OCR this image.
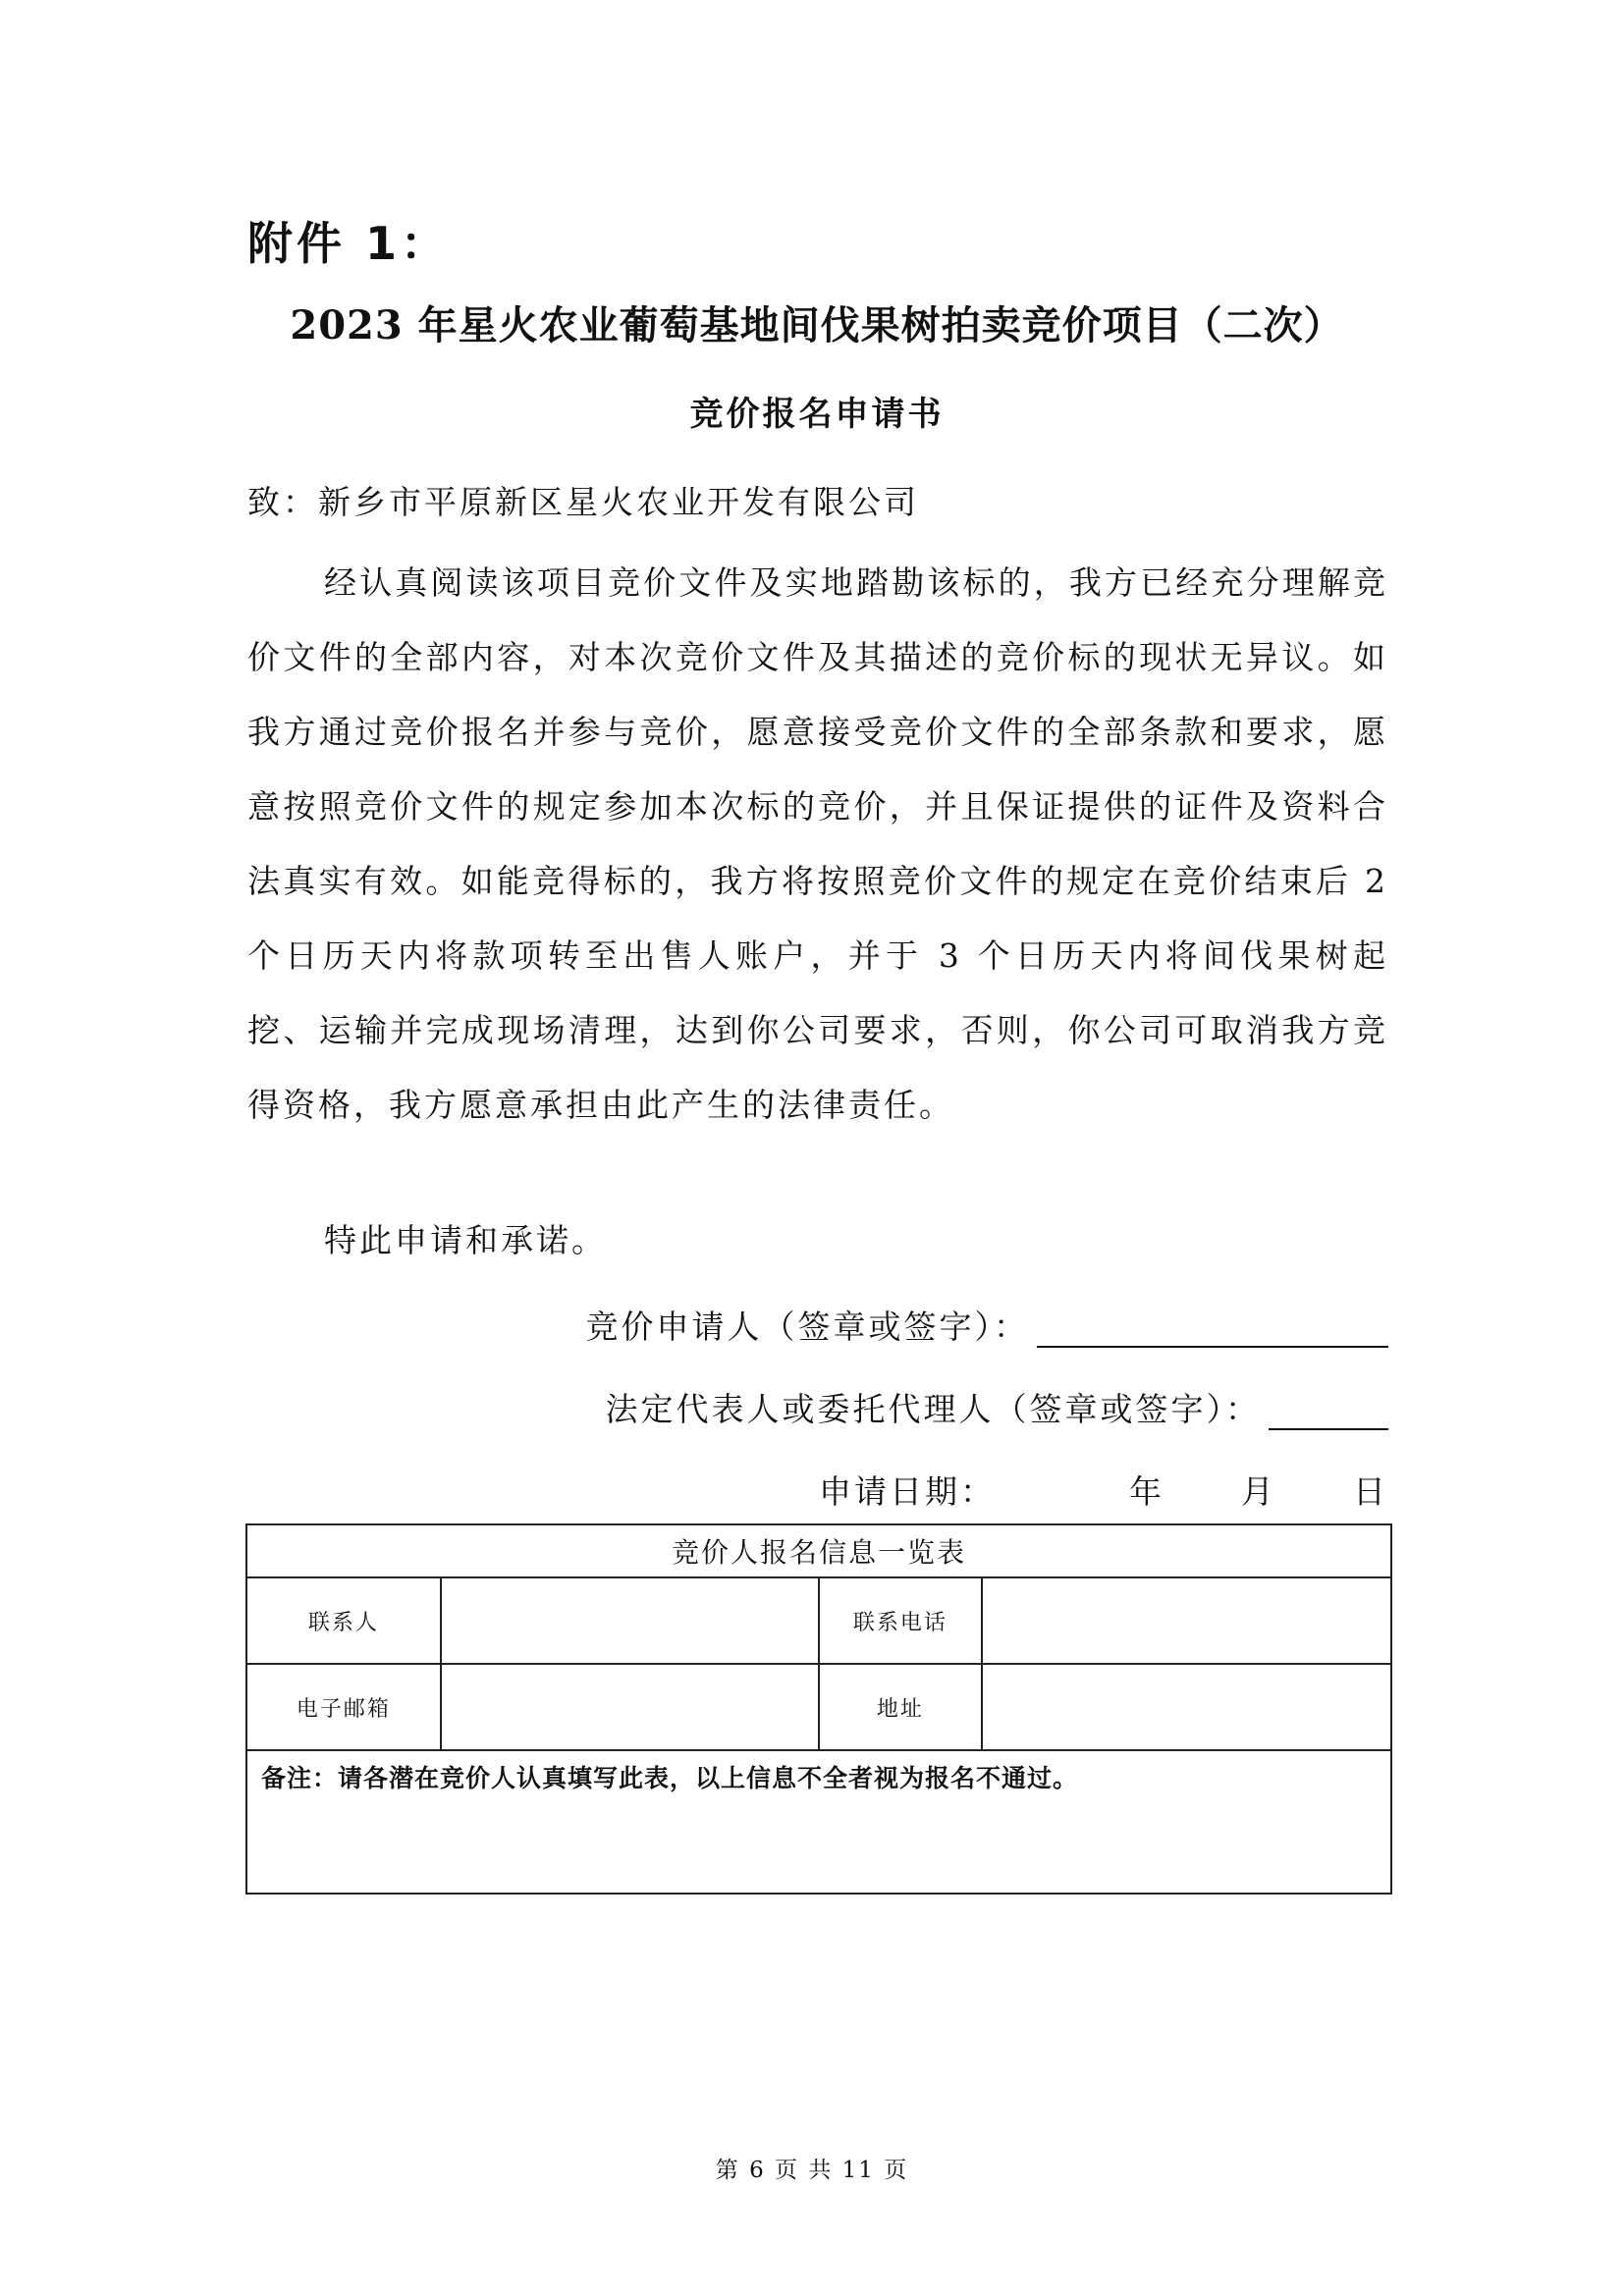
附件 1：
2023 年星火农业葡萄基地间伐果树拍卖竞价项目（二次）
竞价报名申请书
致：新乡市平原新区星火农业开发有限公司

经认真阅读该项目竞价文件及实地踏勘该标的，我方已经充分理解竞价文件的全部内容，对本次竞价文件及其描述的竞价标的现状无异议。如我方通过竞价报名并参与竞价，愿意接受竞价文件的全部条款和要求，愿意按照竞价文件的规定参加本次标的竞价，并且保证提供的证件及资料合法真实有效。如能竞得标的，我方将按照竞价文件的规定在竞价结束后 2 个日历天内将款项转至出售人账户，并于 3 个日历天内将间伐果树起挖、运输并完成现场清理，达到你公司要求，否则，你公司可取消我方竞得资格，我方愿意承担由此产生的法律责任。

特此申请和承诺。
竞价申请人（签章或签字）：
法定代表人或委托代理人（签章或签字）：
申请日期：	年 月 日
竞价人报名信息一览表			
联系人		联系电话	
电子邮箱		地址	
备注：请各潜在竞价人认真填写此表，以上信息不全者视为报名不通过。			
第 6 页 共 11 页
